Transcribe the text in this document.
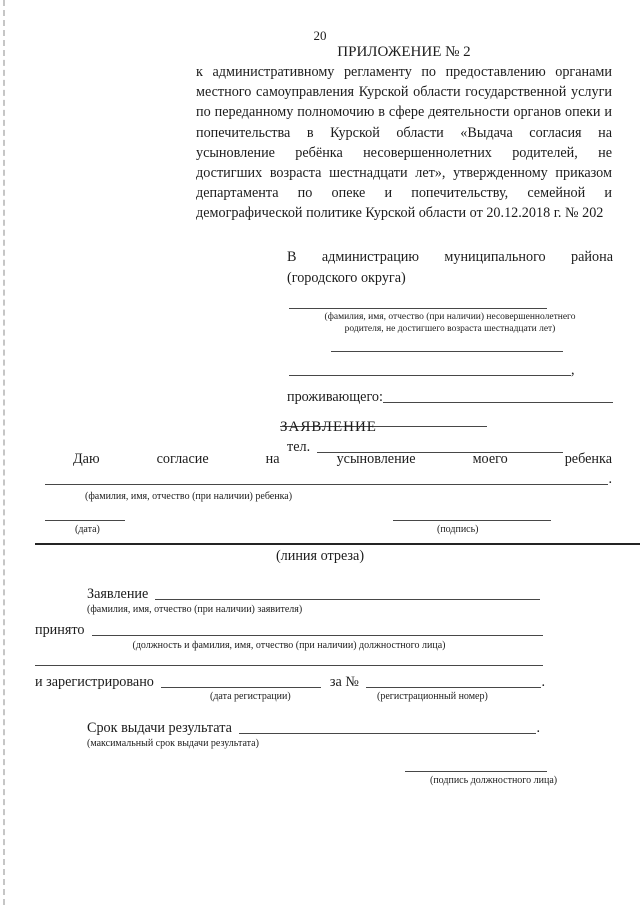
20
ПРИЛОЖЕНИЕ № 2
к административному регламенту по предоставлению органами местного самоуправления Курской области государственной услуги по переданному полномочию в сфере деятельности органов опеки и попечительства в Курской области «Выдача согласия на усыновление ребёнка несовершеннолетних родителей, не достигших возраста шестнадцати лет», утвержденному приказом департамента по опеке и попечительству, семейной и демографической политике Курской области от 20.12.2018 г. № 202
В администрацию муниципального района (городского округа)
(фамилия, имя, отчество (при наличии) несовершеннолетнего
родителя, не достигшего возраста шестнадцати лет)
,
проживающего:
тел.
ЗАЯВЛЕНИЕ
Даю согласие на усыновление моего ребенка
.
(фамилия, имя, отчество (при наличии) ребенка)
(дата)	(подпись)
(линия отреза)
Заявление
(фамилия, имя, отчество (при наличии) заявителя)
принято
(должность и фамилия, имя, отчество (при наличии) должностного лица)
и зарегистрировано	за №	.
(дата регистрации)	(регистрационный номер)
Срок выдачи результата	.
(максимальный срок выдачи результата)
(подпись должностного лица)
